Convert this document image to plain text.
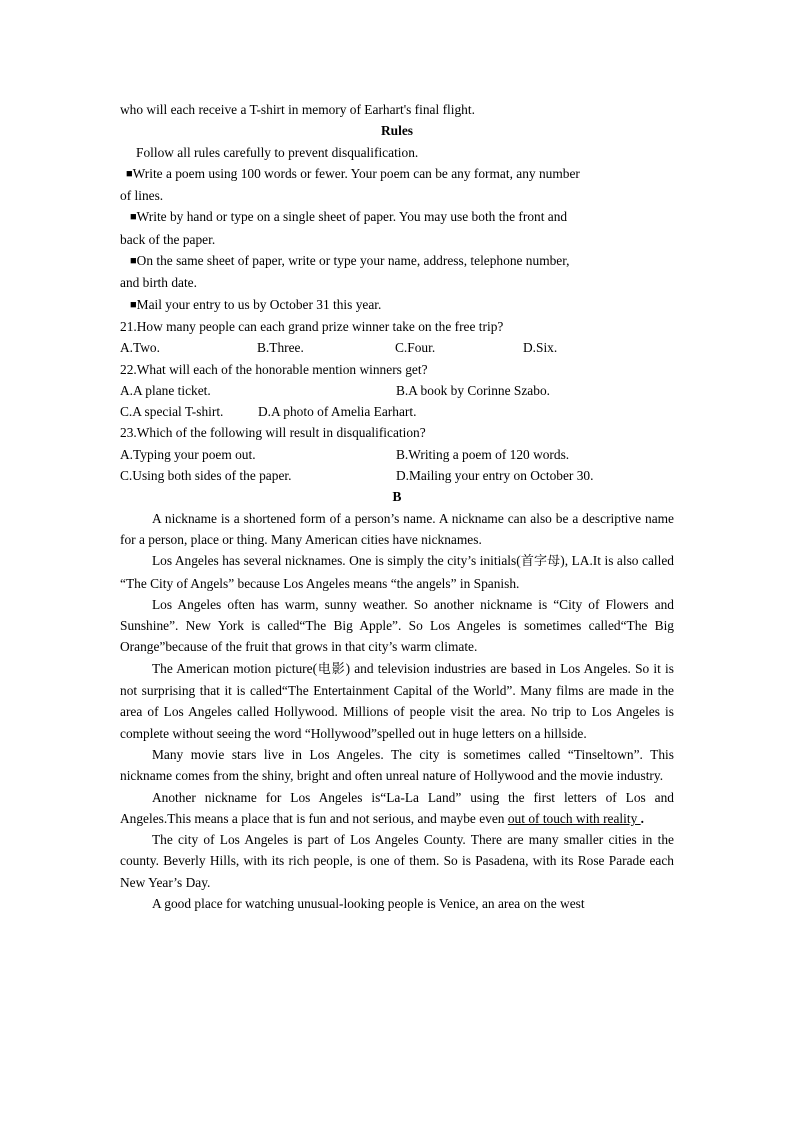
who will each receive a T-shirt in memory of Earhart's final flight.

Rules

Follow all rules carefully to prevent disqualification.

■Write a poem using 100 words or fewer. Your poem can be any format, any number

of lines.

■Write by hand or type on a single sheet of paper. You may use both the front and

back of the paper.

■On the same sheet of paper, write or type your name, address, telephone number,

and birth date.

■Mail your entry to us by October 31 this year.

21.How many people can each grand prize winner take on the free trip?

A.Two.	B.Three.	C.Four.	D.Six.

22.What will each of the honorable mention winners get?

A.A plane ticket.	B.A book by Corinne Szabo.
C.A special T-shirt.	D.A photo of Amelia Earhart.

23.Which of the following will result in disqualification?

A.Typing your poem out.	B.Writing a poem of 120 words.
C.Using both sides of the paper.	D.Mailing your entry on October 30.

B

A nickname is a shortened form of a person’s name. A nickname can also be a descriptive name for a person, place or thing. Many American cities have nicknames.

Los Angeles has several nicknames. One is simply the city’s initials(首字母), LA.It is also called “The City of Angels” because Los Angeles means “the angels” in Spanish.

Los Angeles often has warm, sunny weather. So another nickname is “City of Flowers and Sunshine”. New York is called“The Big Apple”. So Los Angeles is sometimes called“The Big Orange”because of the fruit that grows in that city’s warm climate.

The American motion picture(电影) and television industries are based in Los Angeles. So it is not surprising that it is called“The Entertainment Capital of the World”. Many films are made in the area of Los Angeles called Hollywood. Millions of people visit the area. No trip to Los Angeles is complete without seeing the word “Hollywood”spelled out in huge letters on a hillside.

Many movie stars live in Los Angeles. The city is sometimes called “Tinseltown”. This nickname comes from the shiny, bright and often unreal nature of Hollywood and the movie industry.

Another nickname for Los Angeles is“La-La Land” using the first letters of Los and Angeles.This means a place that is fun and not serious, and maybe even out of touch with reality .

The city of Los Angeles is part of Los Angeles County. There are many smaller cities in the county. Beverly Hills, with its rich people, is one of them. So is Pasadena, with its Rose Parade each New Year’s Day.

A good place for watching unusual-looking people is Venice, an area on the west
